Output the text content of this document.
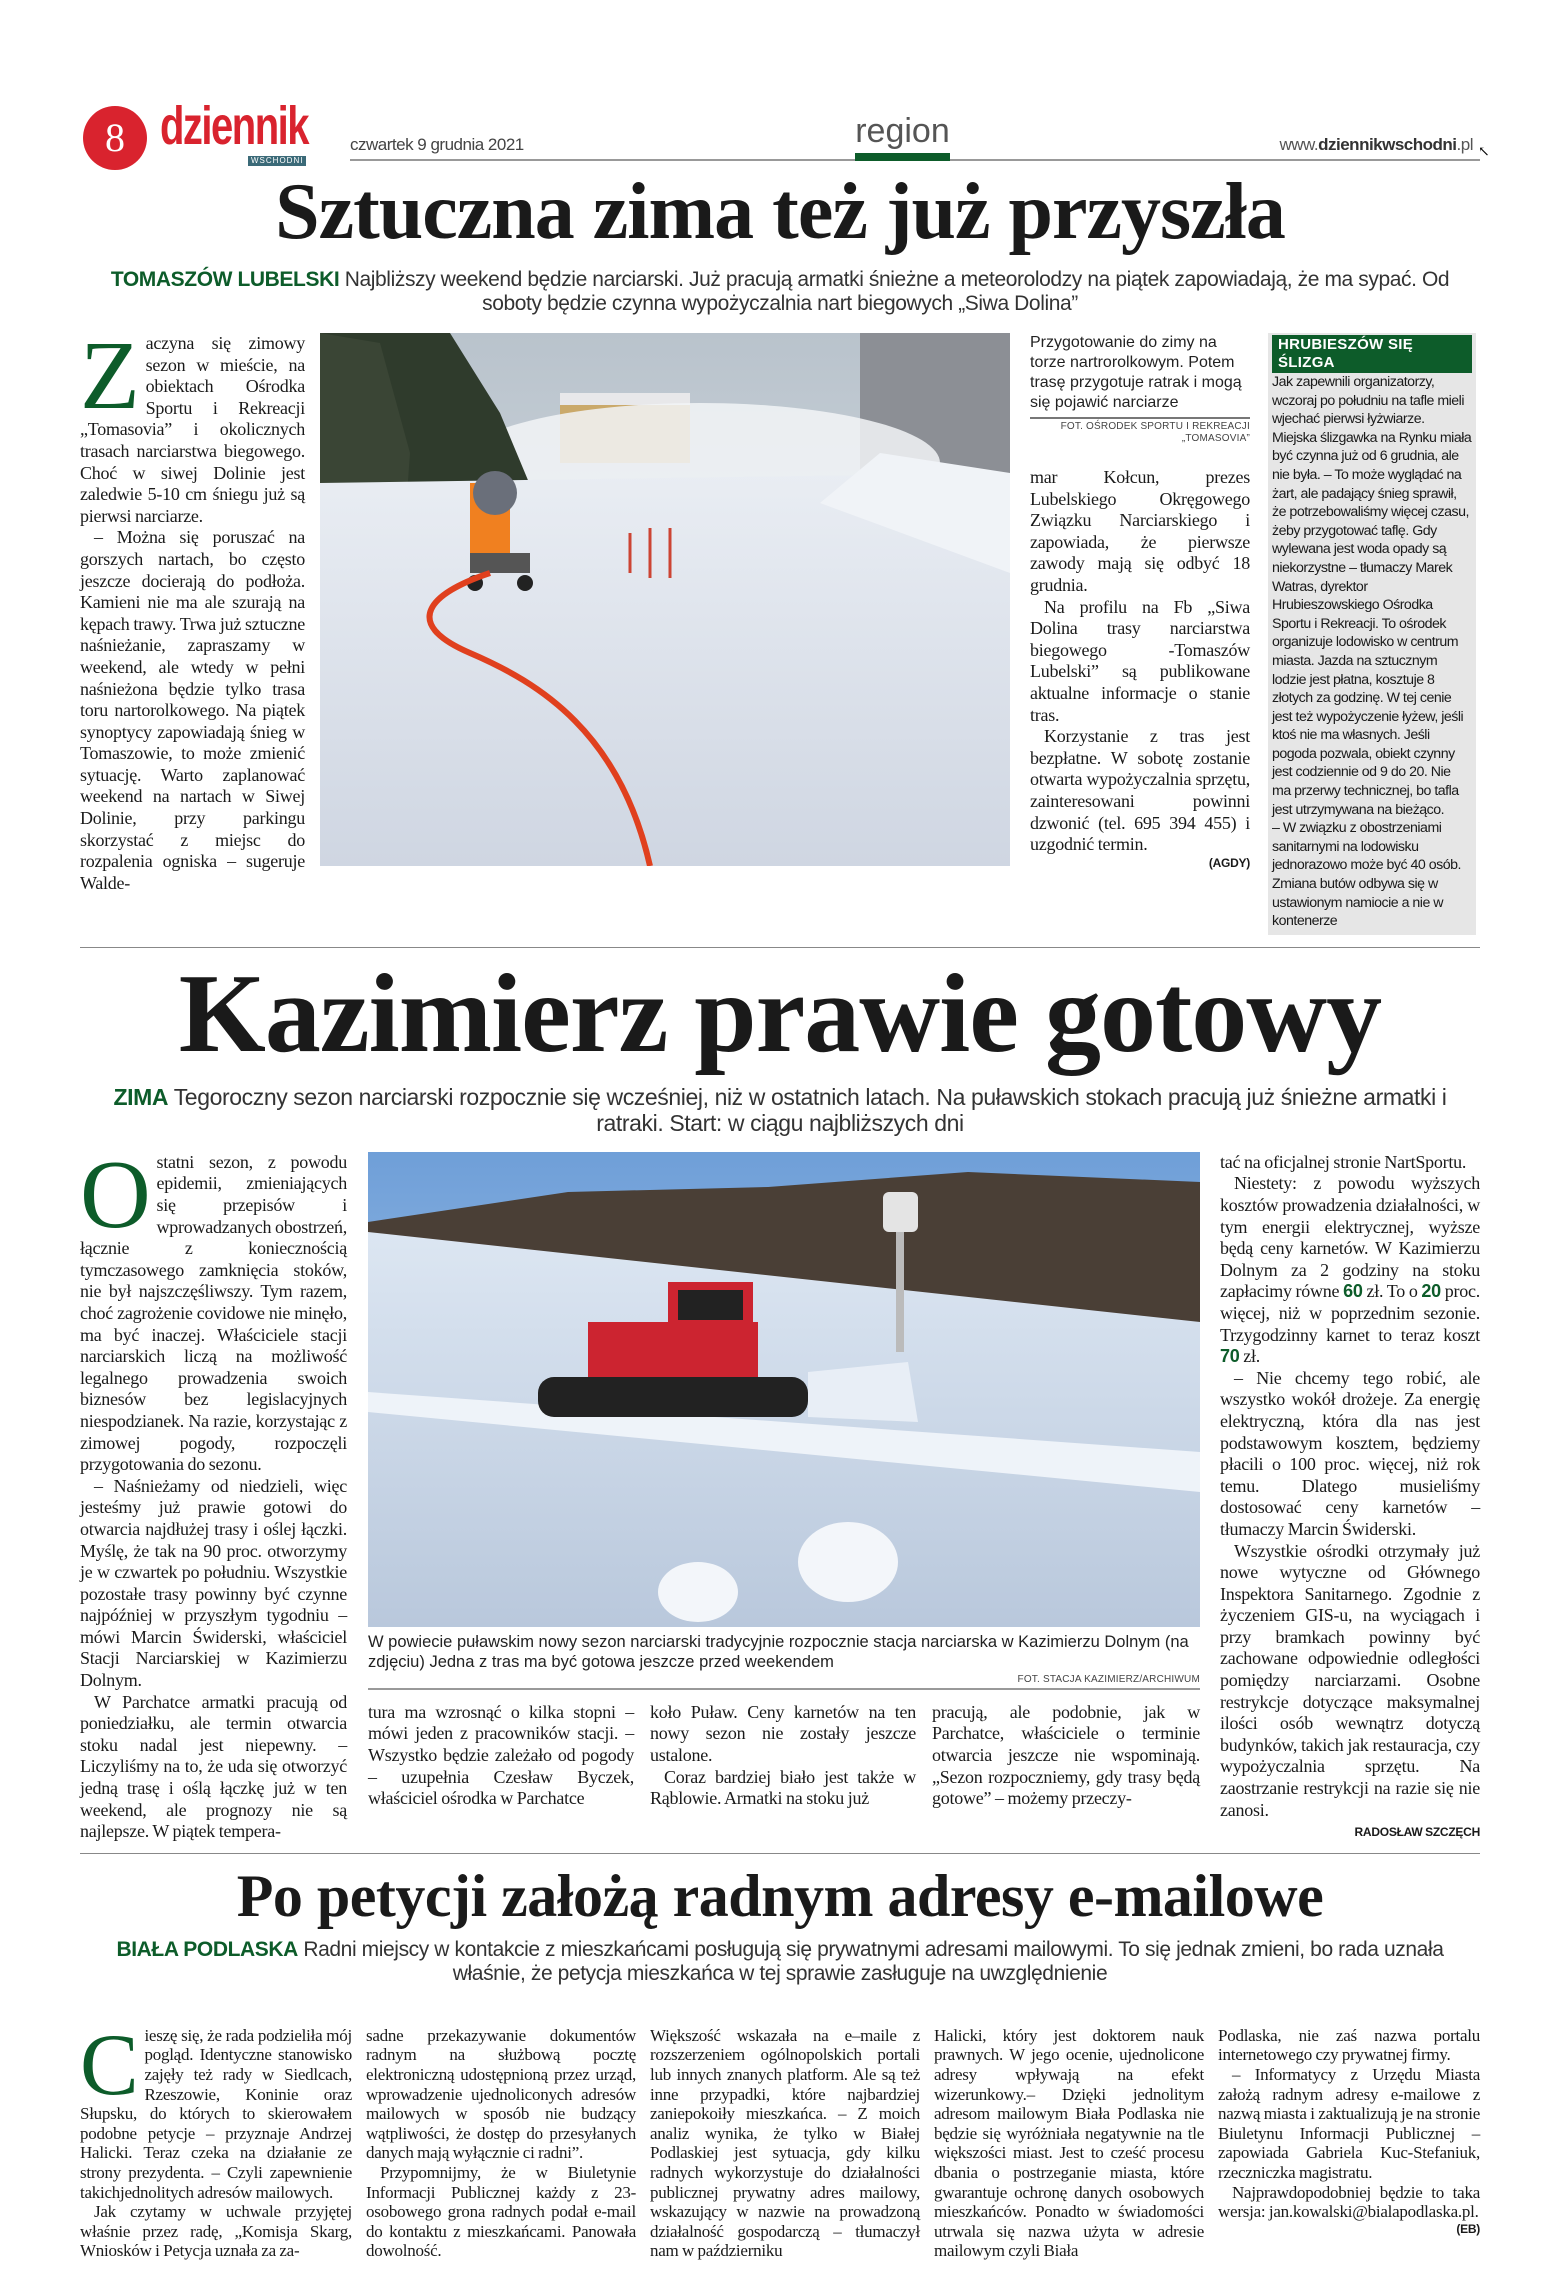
8 dziennik
WSCHODNI
czwartek 9 grudnia 2021	region	www.dziennikwschodni.pl ↖
Sztuczna zima też już przyszła
TOMASZÓW LUBELSKI Najbliższy weekend będzie narciarski. Już pracują armatki śnieżne a meteorolodzy na piątek zapowiadają, że ma sypać. Od soboty będzie czynna wypożyczalnia nart biegowych „Siwa Dolina”

Zaczyna się zimowy sezon w mieście, na obiektach Ośrodka Sportu i Rekreacji „Tomasovia” i okolicznych trasach narciarstwa biegowego. Choć w siwej Dolinie jest zaledwie 5-10 cm śniegu już są pierwsi narciarze.

– Można się poruszać na gorszych nartach, bo często jeszcze docierają do podłoża. Kamieni nie ma ale szurają na kępach trawy. Trwa już sztuczne naśnieżanie, zapraszamy w weekend, ale wtedy w pełni naśnieżona będzie tylko trasa toru nartorolkowego. Na piątek synoptycy zapowiadają śnieg w Tomaszowie, to może zmienić sytuację. Warto zaplanować weekend na nartach w Siwej Dolinie, przy parkingu skorzystać z miejsc do rozpalenia ogniska – sugeruje Walde-

Przygotowanie do zimy na torze nartrorolkowym. Potem trasę przygotuje ratrak i mogą się pojawić narciarze
FOT. OŚRODEK SPORTU I REKREACJI „TOMASOVIA”

mar Kołcun, prezes Lubelskiego Okręgowego Związku Narciarskiego i zapowiada, że pierwsze zawody mają się odbyć 18 grudnia.

Na profilu na Fb „Siwa Dolina trasy narciarstwa biegowego -Tomaszów Lubelski” są publikowane aktualne informacje o stanie tras.

Korzystanie z tras jest bezpłatne. W sobotę zostanie otwarta wypożyczalnia sprzętu, zainteresowani powinni dzwonić (tel. 695 394 455) i uzgodnić termin.

(AGDY)
HRUBIESZÓW SIĘ ŚLIZGA

Jak zapewnili organizatorzy, wczoraj po południu na tafle mieli wjechać pierwsi łyżwiarze. Miejska ślizgawka na Rynku miała być czynna już od 6 grudnia, ale nie była. – To może wyglądać na żart, ale padający śnieg sprawił, że potrzebowaliśmy więcej czasu, żeby przygotować taflę. Gdy wylewana jest woda opady są niekorzystne – tłumaczy Marek Watras, dyrektor Hrubieszowskiego Ośrodka Sportu i Rekreacji. To ośrodek organizuje lodowisko w centrum miasta. Jazda na sztucznym lodzie jest płatna, kosztuje 8 złotych za godzinę. W tej cenie jest też wypożyczenie łyżew, jeśli ktoś nie ma własnych. Jeśli pogoda pozwala, obiekt czynny jest codziennie od 9 do 20. Nie ma przerwy technicznej, bo tafla jest utrzymywana na bieżąco.

– W związku z obostrzeniami sanitarnymi na lodowisku jednorazowo może być 40 osób. Zmiana butów odbywa się w ustawionym namiocie a nie w kontenerze

Kazimierz prawie gotowy
ZIMA Tegoroczny sezon narciarski rozpocznie się wcześniej, niż w ostatnich latach. Na puławskich stokach pracują już śnieżne armatki i ratraki. Start: w ciągu najbliższych dni

Ostatni sezon, z powodu epidemii, zmieniających się przepisów i wprowadzanych obostrzeń, łącznie z koniecznością tymczasowego zamknięcia stoków, nie był najszczęśliwszy. Tym razem, choć zagrożenie covidowe nie minęło, ma być inaczej. Właściciele stacji narciarskich liczą na możliwość legalnego prowadzenia swoich biznesów bez legislacyjnych niespodzianek. Na razie, korzystając z zimowej pogody, rozpoczęli przygotowania do sezonu.

– Naśnieżamy od niedzieli, więc jesteśmy już prawie gotowi do otwarcia najdłużej trasy i oślej łączki. Myślę, że tak na 90 proc. otworzymy je w czwartek po południu. Wszystkie pozostałe trasy powinny być czynne najpóźniej w przyszłym tygodniu – mówi Marcin Świderski, właściciel Stacji Narciarskiej w Kazimierzu Dolnym.

W Parchatce armatki pracują od poniedziałku, ale termin otwarcia stoku nadal jest niepewny. – Liczyliśmy na to, że uda się otworzyć jedną trasę i oślą łączkę już w ten weekend, ale prognozy nie są najlepsze. W piątek tempera-

W powiecie puławskim nowy sezon narciarski tradycyjnie rozpocznie stacja narciarska w Kazimierzu Dolnym (na zdjęciu) Jedna z tras ma być gotowa jeszcze przed weekendem
FOT. STACJA KAZIMIERZ/ARCHIWUM

tura ma wzrosnąć o kilka stopni – mówi jeden z pracowników stacji. – Wszystko będzie zależało od pogody – uzupełnia Czesław Byczek, właściciel ośrodka w Parchatce

koło Puław. Ceny karnetów na ten nowy sezon nie zostały jeszcze ustalone.

Coraz bardziej biało jest także w Rąblowie. Armatki na stoku już

pracują, ale podobnie, jak w Parchatce, właściciele o terminie otwarcia jeszcze nie wspominają. „Sezon rozpoczniemy, gdy trasy będą gotowe” – możemy przeczy-

tać na oficjalnej stronie NartSportu.

Niestety: z powodu wyższych kosztów prowadzenia działalności, w tym energii elektrycznej, wyższe będą ceny karnetów. W Kazimierzu Dolnym za 2 godziny na stoku zapłacimy równe 60 zł. To o 20 proc. więcej, niż w poprzednim sezonie. Trzygodzinny karnet to teraz koszt 70 zł.

– Nie chcemy tego robić, ale wszystko wokół drożeje. Za energię elektryczną, która dla nas jest podstawowym kosztem, będziemy płacili o 100 proc. więcej, niż rok temu. Dlatego musieliśmy dostosować ceny karnetów – tłumaczy Marcin Świderski.

Wszystkie ośrodki otrzymały już nowe wytyczne od Głównego Inspektora Sanitarnego. Zgodnie z życzeniem GIS-u, na wyciągach i przy bramkach powinny być zachowane odpowiednie odległości pomiędzy narciarzami. Osobne restrykcje dotyczące maksymalnej ilości osób wewnątrz dotyczą budynków, takich jak restauracja, czy wypożyczalnia sprzętu. Na zaostrzanie restrykcji na razie się nie zanosi.

RADOSŁAW SZCZĘCH
Po petycji założą radnym adresy e-mailowe
BIAŁA PODLASKA Radni miejscy w kontakcie z mieszkańcami posługują się prywatnymi adresami mailowymi. To się jednak zmieni, bo rada uznała właśnie, że petycja mieszkańca w tej sprawie zasługuje na uwzględnienie

Cieszę się, że rada podzieliła mój pogląd. Identyczne stanowisko zajęły też rady w Siedlcach, Rzeszowie, Koninie oraz Słupsku, do których to skierowałem podobne petycje – przyznaje Andrzej Halicki. Teraz czeka na działanie ze strony prezydenta. – Czyli zapewnienie takichjednolitych adresów mailowych.

Jak czytamy w uchwale przyjętej właśnie przez radę, „Komisja Skarg, Wniosków i Petycja uznała za za-

sadne przekazywanie dokumentów radnym na służbową pocztę elektroniczną udostępnioną przez urząd, wprowadzenie ujednoliconych adresów mailowych w sposób nie budzący wątpliwości, że dostęp do przesyłanych danych mają wyłącznie ci radni”.

Przypomnijmy, że w Biuletynie Informacji Publicznej każdy z 23-osobowego grona radnych podał e-mail do kontaktu z mieszkańcami. Panowała dowolność.

Większość wskazała na e–maile z rozszerzeniem ogólnopolskich portali lub innych znanych platform. Ale są też inne przypadki, które najbardziej zaniepokoiły mieszkańca. – Z moich analiz wynika, że tylko w Białej Podlaskiej jest sytuacja, gdy kilku radnych wykorzystuje do działalności publicznej prywatny adres mailowy, wskazujący w nazwie na prowadzoną działalność gospodarczą – tłumaczył nam w październiku

Halicki, który jest doktorem nauk prawnych. W jego ocenie, ujednolicone adresy wpływają na efekt wizerunkowy.– Dzięki jednolitym adresom mailowym Biała Podlaska nie będzie się wyróżniała negatywnie na tle większości miast. Jest to cześć procesu dbania o postrzeganie miasta, które gwarantuje ochronę danych osobowych mieszkańców. Ponadto w świadomości utrwala się nazwa użyta w adresie mailowym czyli Biała

Podlaska, nie zaś nazwa portalu internetowego czy prywatnej firmy.

– Informatycy z Urzędu Miasta założą radnym adresy e-mailowe z nazwą miasta i zaktualizują je na stronie Biuletynu Informacji Publicznej – zapowiada Gabriela Kuc-Stefaniuk, rzeczniczka magistratu.

Najprawdopodobniej będzie to taka wersja: jan.kowalski@bialapodlaska.pl.

(EB)
